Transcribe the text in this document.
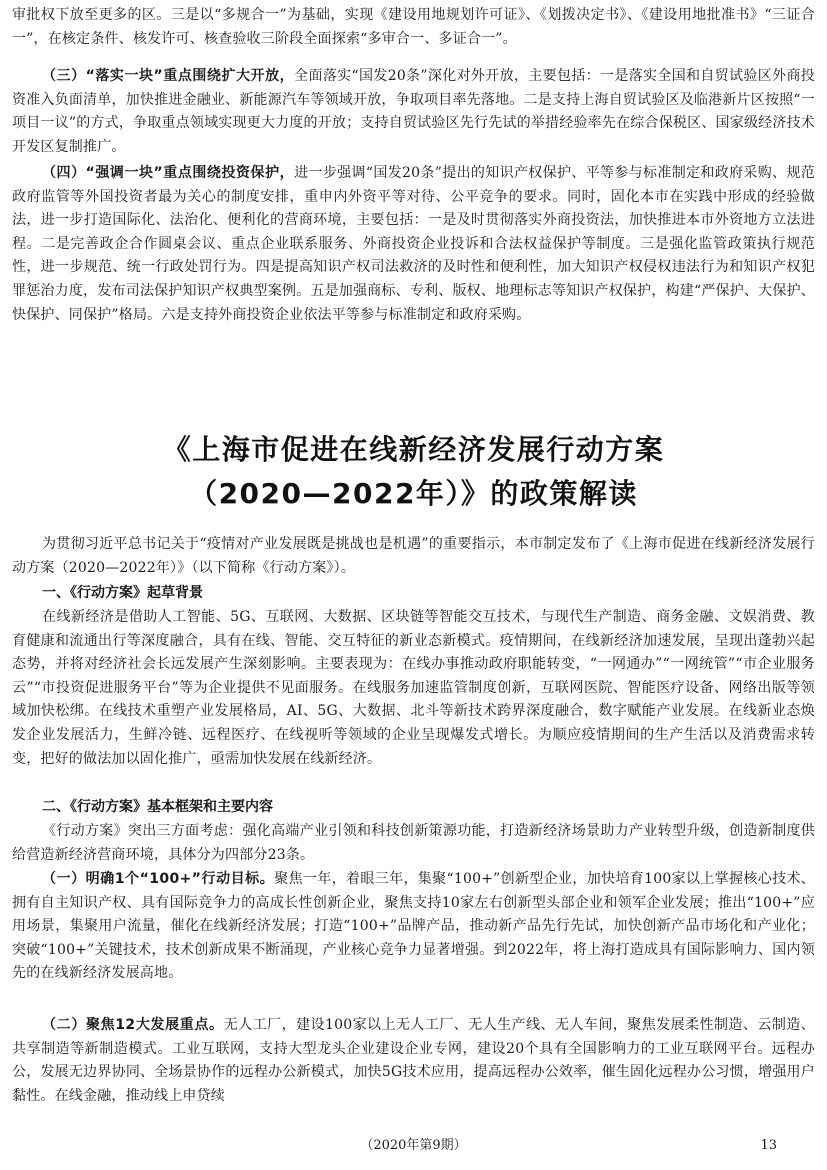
审批权下放至更多的区。三是以“多规合一”为基础，实现《建设用地规划许可证》、《划拨决定书》、《建设用地批准书》“三证合一”，在核定条件、核发许可、核查验收三阶段全面探索“多审合一、多证合一”。

（三）“落实一块”重点围绕扩大开放，全面落实“国发20条”深化对外开放，主要包括：一是落实全国和自贸试验区外商投资准入负面清单，加快推进金融业、新能源汽车等领域开放，争取项目率先落地。二是支持上海自贸试验区及临港新片区按照“一项目一议”的方式，争取重点领域实现更大力度的开放；支持自贸试验区先行先试的举措经验率先在综合保税区、国家级经济技术开发区复制推广。

（四）“强调一块”重点围绕投资保护，进一步强调“国发20条”提出的知识产权保护、平等参与标准制定和政府采购、规范政府监管等外国投资者最为关心的制度安排，重申内外资平等对待、公平竞争的要求。同时，固化本市在实践中形成的经验做法，进一步打造国际化、法治化、便利化的营商环境，主要包括：一是及时贯彻落实外商投资法，加快推进本市外资地方立法进程。二是完善政企合作圆桌会议、重点企业联系服务、外商投资企业投诉和合法权益保护等制度。三是强化监管政策执行规范性，进一步规范、统一行政处罚行为。四是提高知识产权司法救济的及时性和便利性，加大知识产权侵权违法行为和知识产权犯罪惩治力度，发布司法保护知识产权典型案例。五是加强商标、专利、版权、地理标志等知识产权保护，构建“严保护、大保护、快保护、同保护”格局。六是支持外商投资企业依法平等参与标准制定和政府采购。

《上海市促进在线新经济发展行动方案
（2020—2022年）》的政策解读

为贯彻习近平总书记关于“疫情对产业发展既是挑战也是机遇”的重要指示，本市制定发布了《上海市促进在线新经济发展行动方案（2020—2022年）》（以下简称《行动方案》）。

一、《行动方案》起草背景

在线新经济是借助人工智能、5G、互联网、大数据、区块链等智能交互技术，与现代生产制造、商务金融、文娱消费、教育健康和流通出行等深度融合，具有在线、智能、交互特征的新业态新模式。疫情期间，在线新经济加速发展，呈现出蓬勃兴起态势，并将对经济社会长远发展产生深刻影响。主要表现为：在线办事推动政府职能转变，“一网通办”“一网统管”“市企业服务云”“市投资促进服务平台”等为企业提供不见面服务。在线服务加速监管制度创新，互联网医院、智能医疗设备、网络出版等领域加快松绑。在线技术重塑产业发展格局，AI、5G、大数据、北斗等新技术跨界深度融合，数字赋能产业发展。在线新业态焕发企业发展活力，生鲜冷链、远程医疗、在线视听等领域的企业呈现爆发式增长。为顺应疫情期间的生产生活以及消费需求转变，把好的做法加以固化推广，亟需加快发展在线新经济。

二、《行动方案》基本框架和主要内容

《行动方案》突出三方面考虑：强化高端产业引领和科技创新策源功能，打造新经济场景助力产业转型升级，创造新制度供给营造新经济营商环境，具体分为四部分23条。

（一）明确1个“100+”行动目标。聚焦一年，着眼三年，集聚“100+”创新型企业，加快培育100家以上掌握核心技术、拥有自主知识产权、具有国际竞争力的高成长性创新企业，聚焦支持10家左右创新型头部企业和领军企业发展；推出“100+”应用场景，集聚用户流量，催化在线新经济发展；打造“100+”品牌产品，推动新产品先行先试，加快创新产品市场化和产业化；突破“100+”关键技术，技术创新成果不断涌现，产业核心竞争力显著增强。到2022年，将上海打造成具有国际影响力、国内领先的在线新经济发展高地。

（二）聚焦12大发展重点。无人工厂，建设100家以上无人工厂、无人生产线、无人车间，聚焦发展柔性制造、云制造、共享制造等新制造模式。工业互联网，支持大型龙头企业建设企业专网，建设20个具有全国影响力的工业互联网平台。远程办公，发展无边界协同、全场景协作的远程办公新模式，加快5G技术应用，提高远程办公效率，催生固化远程办公习惯，增强用户黏性。在线金融，推动线上申贷续

（2020年第9期）	13
